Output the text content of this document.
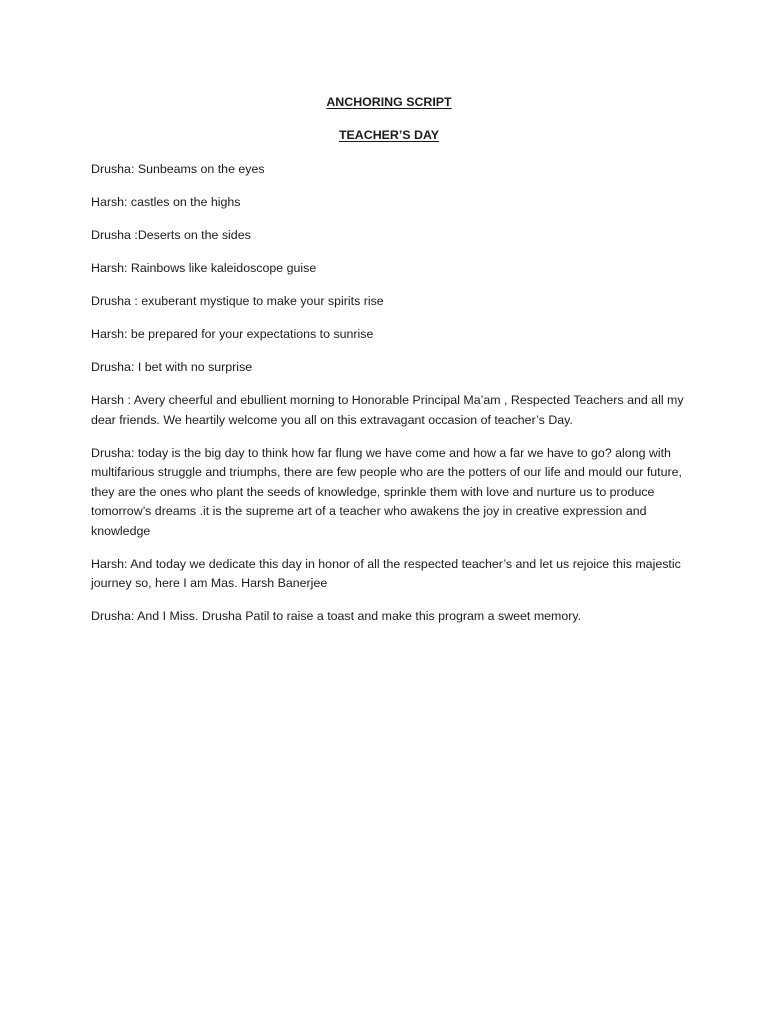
ANCHORING SCRIPT
TEACHER’S DAY
Drusha: Sunbeams on the eyes
Harsh: castles on the highs
Drusha :Deserts on the sides
Harsh: Rainbows like kaleidoscope guise
Drusha : exuberant mystique to make your spirits rise
Harsh: be prepared for your expectations to sunrise
Drusha: I bet with no surprise
Harsh : Avery cheerful and ebullient morning to Honorable Principal Ma’am , Respected Teachers and all my dear friends. We heartily welcome you all on this extravagant occasion of teacher’s Day.
Drusha: today is the big day to think how far flung we have come and how a far we have to go? along with multifarious struggle and triumphs, there are few people who are the potters of our life and mould our future, they are the ones who plant the seeds of knowledge, sprinkle them with love and nurture us to produce tomorrow’s dreams .it is the supreme art of a teacher who awakens the joy in creative expression and knowledge
Harsh: And today we dedicate this day in honor of all the respected teacher’s and let us rejoice this majestic journey so, here I am Mas. Harsh Banerjee
Drusha: And I Miss. Drusha Patil to raise a toast and make this program a sweet memory.
